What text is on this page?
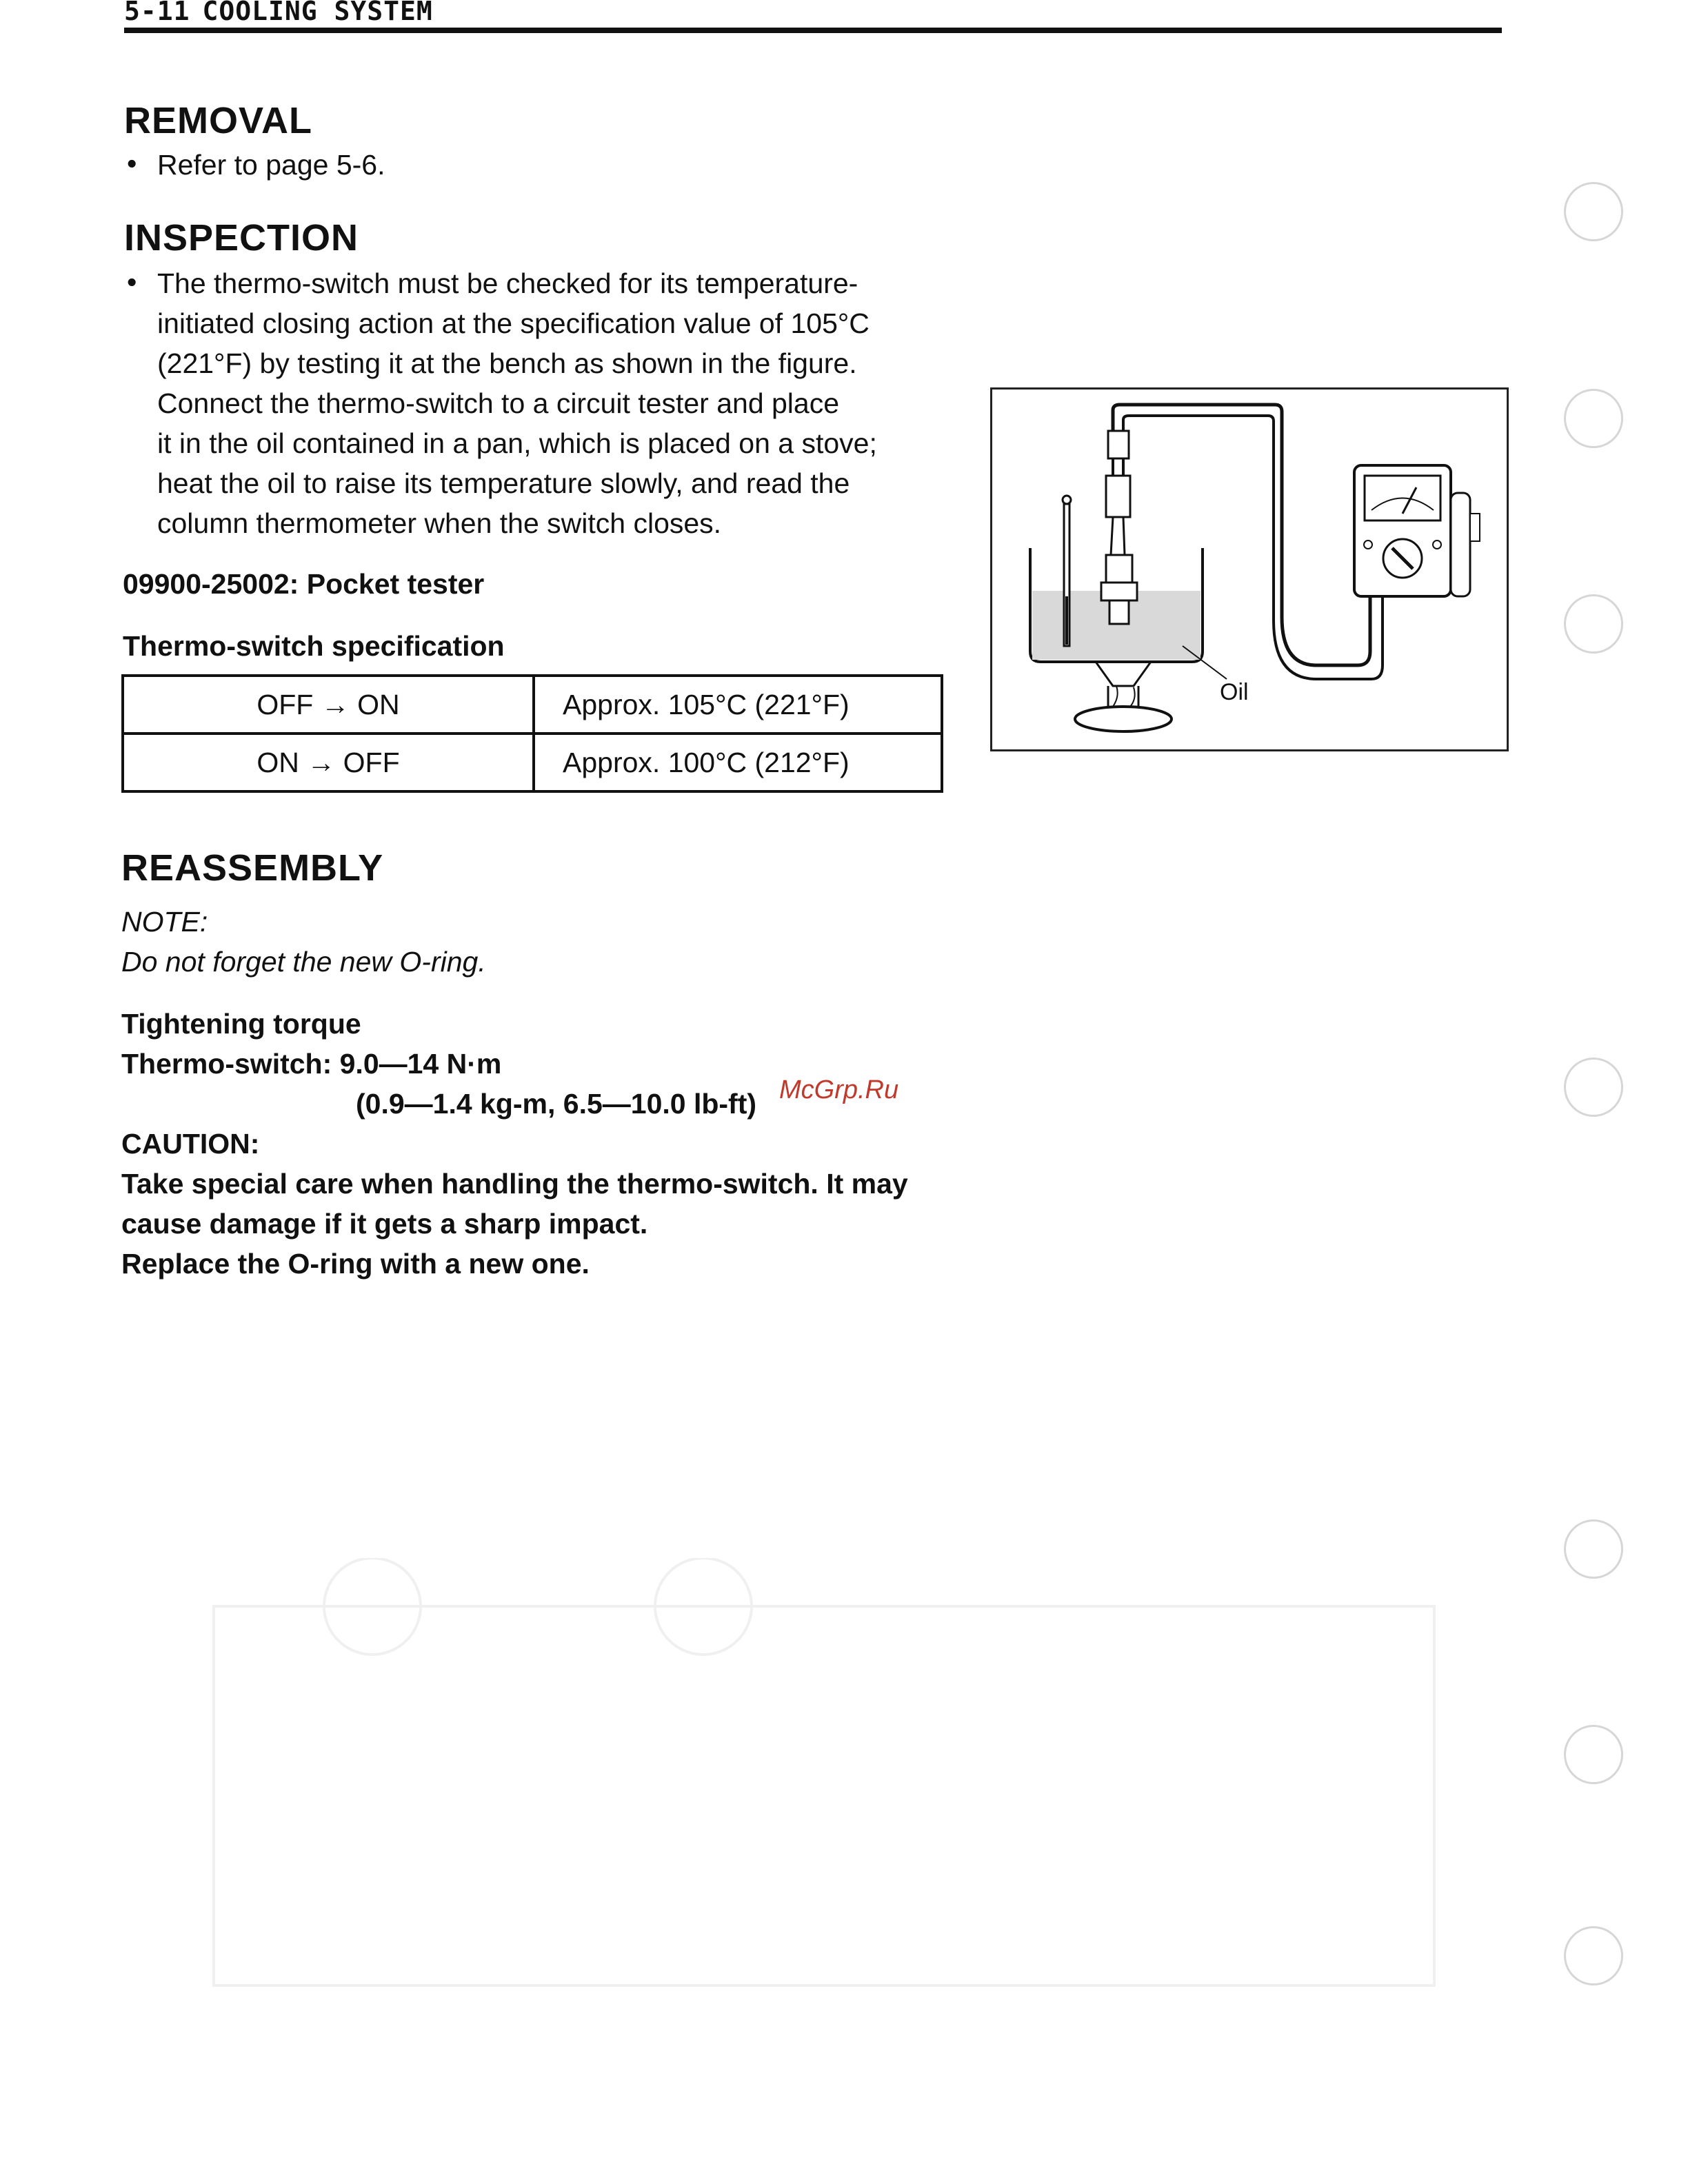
5-11 COOLING SYSTEM
REMOVAL
• Refer to page 5-6.
INSPECTION
• The thermo-switch must be checked for its temperature-
initiated closing action at the specification value of 105°C
(221°F) by testing it at the bench as shown in the figure.
Connect the thermo-switch to a circuit tester and place
it in the oil contained in a pan, which is placed on a stove;
heat the oil to raise its temperature slowly, and read the
column thermometer when the switch closes.
09900-25002: Pocket tester
Thermo-switch specification
OFF → ON	Approx. 105°C (221°F)
ON → OFF	Approx. 100°C (212°F)
Oil
REASSEMBLY
NOTE:
Do not forget the new O-ring.
Tightening torque
Thermo-switch: 9.0—14 N·m
(0.9—1.4 kg-m, 6.5—10.0 lb-ft)
CAUTION:
Take special care when handling the thermo-switch. It may
cause damage if it gets a sharp impact.
Replace the O-ring with a new one.
McGrp.Ru
